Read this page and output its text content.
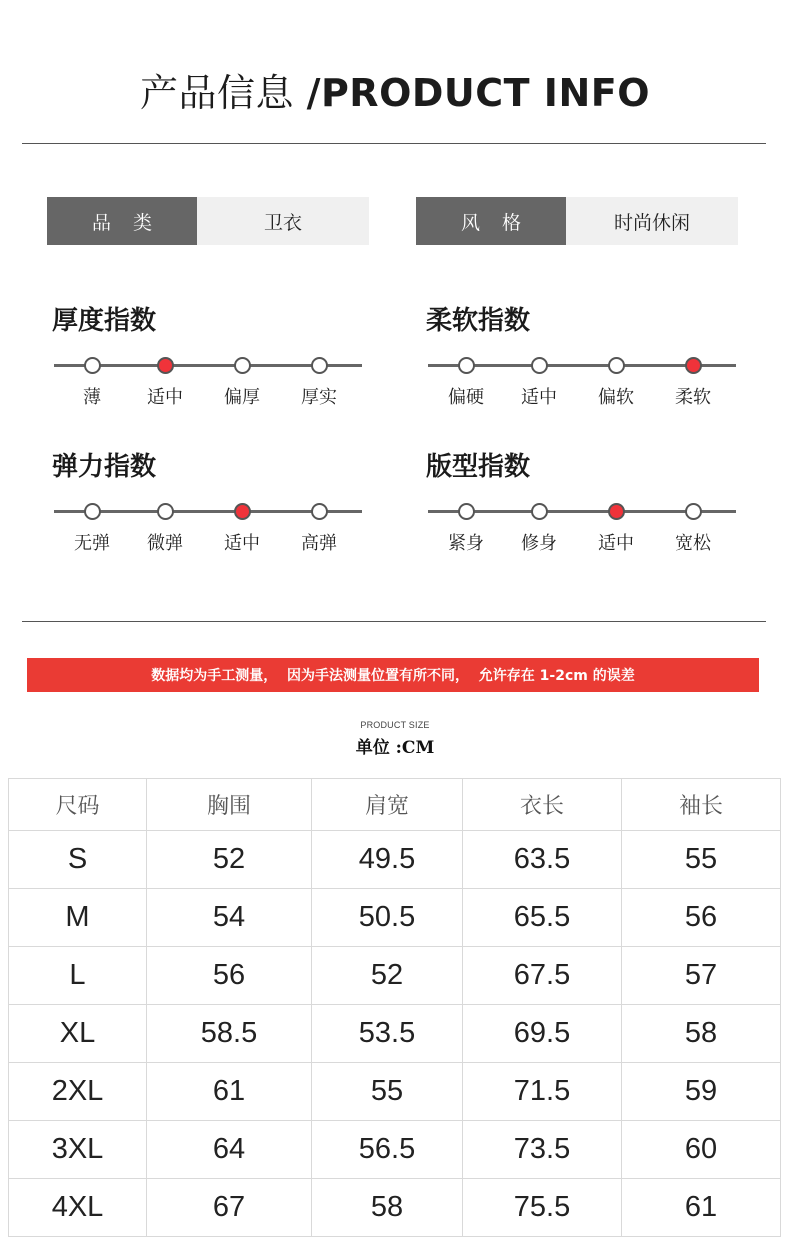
产品信息 /PRODUCT INFO
品类	卫衣	风格	时尚休闲
厚度指数
薄	适中	偏厚	厚实
柔软指数
偏硬	适中	偏软	柔软
弹力指数
无弹	微弹	适中	高弹
版型指数
紧身	修身	适中	宽松
数据均为手工测量，  因为手法测量位置有所不同，  允许存在 1-2cm 的误差
PRODUCT SIZE
单位 :CM
尺码	胸围	肩宽	衣长	袖长
S	52	49.5	63.5	55
M	54	50.5	65.5	56
L	56	52	67.5	57
XL	58.5	53.5	69.5	58
2XL	61	55	71.5	59
3XL	64	56.5	73.5	60
4XL	67	58	75.5	61
